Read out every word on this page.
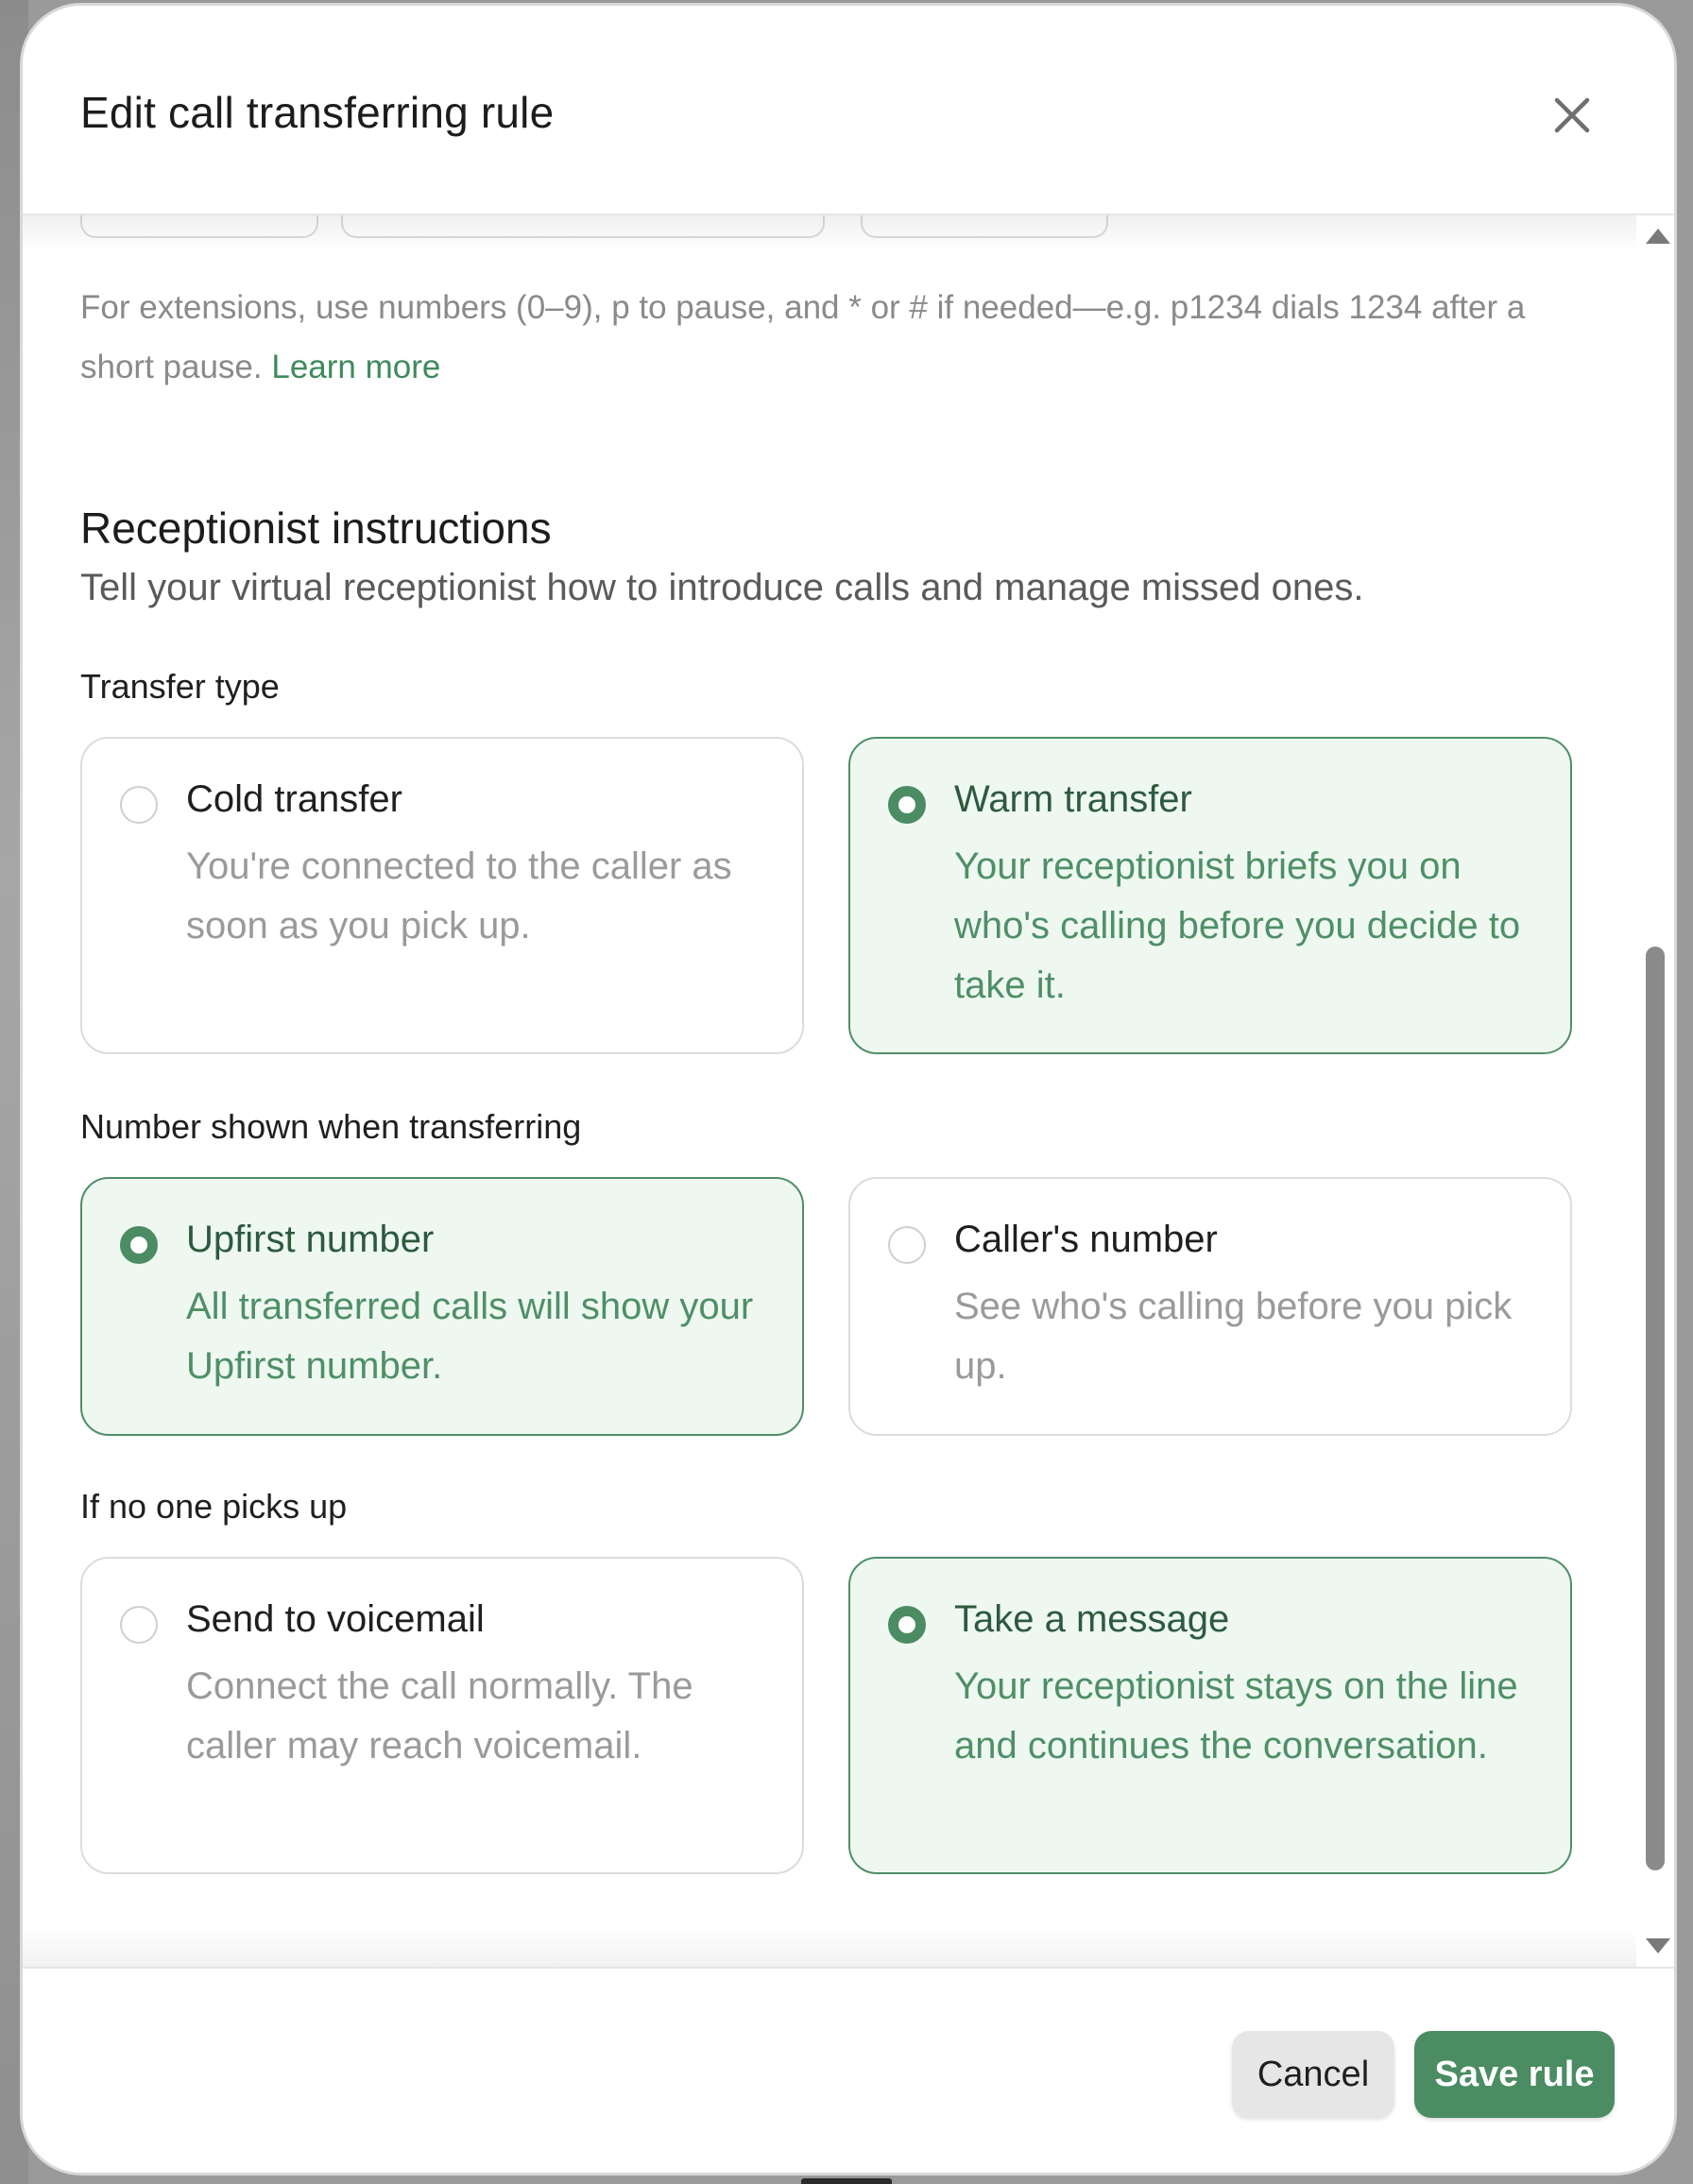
Edit call transferring rule
For extensions, use numbers (0–9), p to pause, and * or # if needed—e.g. p1234 dials 1234 after a short pause. Learn more
Receptionist instructions
Tell your virtual receptionist how to introduce calls and manage missed ones.
Transfer type
Cold transfer
You're connected to the caller as soon as you pick up.
Warm transfer
Your receptionist briefs you on who's calling before you decide to take it.
Number shown when transferring
Upfirst number
All transferred calls will show your Upfirst number.
Caller's number
See who's calling before you pick up.
If no one picks up
Send to voicemail
Connect the call normally. The caller may reach voicemail.
Take a message
Your receptionist stays on the line and continues the conversation.
Cancel	Save rule
